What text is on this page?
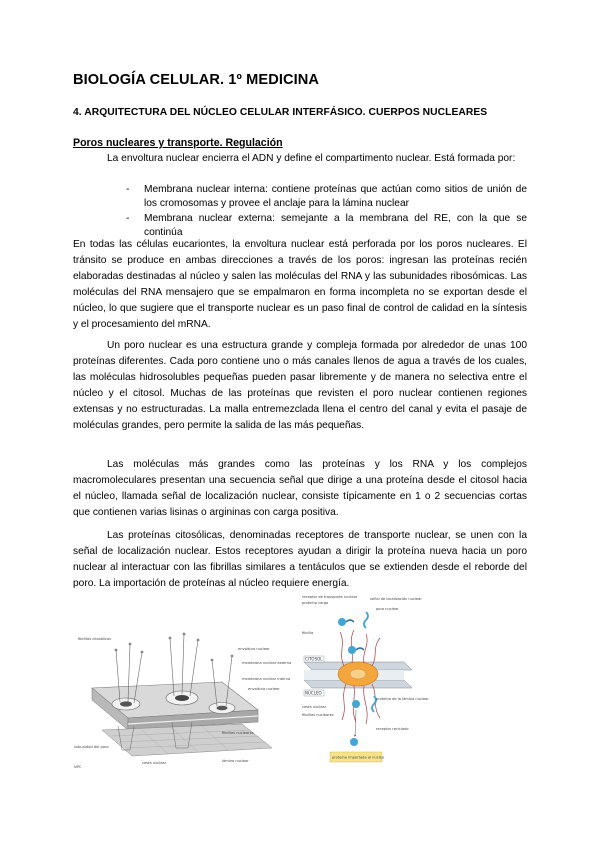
BIOLOGÍA CELULAR. 1º MEDICINA
4. ARQUITECTURA DEL NÚCLEO CELULAR INTERFÁSICO. CUERPOS NUCLEARES
Poros nucleares y transporte. Regulación

La envoltura nuclear encierra el ADN y define el compartimento nuclear. Está formada por:

- Membrana nuclear interna: contiene proteínas que actúan como sitios de unión de los cromosomas y provee el anclaje para la lámina nuclear
- Membrana nuclear externa: semejante a la membrana del RE, con la que se continúa

En todas las células eucariontes, la envoltura nuclear está perforada por los poros nucleares. El tránsito se produce en ambas direcciones a través de los poros: ingresan las proteínas recién elaboradas destinadas al núcleo y salen las moléculas del RNA y las subunidades ribosómicas. Las moléculas del RNA mensajero que se empalmaron en forma incompleta no se exportan desde el núcleo, lo que sugiere que el transporte nuclear es un paso final de control de calidad en la síntesis y el procesamiento del mRNA.

Un poro nuclear es una estructura grande y compleja formada por alrededor de unas 100 proteínas diferentes. Cada poro contiene uno o más canales llenos de agua a través de los cuales, las moléculas hidrosolubles pequeñas pueden pasar libremente y de manera no selectiva entre el núcleo y el citosol. Muchas de las proteínas que revisten el poro nuclear contienen regiones extensas y no estructuradas. La malla entremezclada llena el centro del canal y evita el pasaje de moléculas grandes, pero permite la salida de las más pequeñas.

Las moléculas más grandes como las proteínas y los RNA y los complejos macromoleculares presentan una secuencia señal que dirige a una proteína desde el citosol hacia el núcleo, llamada señal de localización nuclear, consiste típicamente en 1 o 2 secuencias cortas que contienen varias lisinas o argininas con carga positiva.

Las proteínas citosólicas, denominadas receptores de transporte nuclear, se unen con la señal de localización nuclear. Estos receptores ayudan a dirigir la proteína nueva hacia un poro nuclear al interactuar con las fibrillas similares a tentáculos que se extienden desde el reborde del poro. La importación de proteínas al núcleo requiere energía.

fibrillas citosólicas
envoltura nuclear
membrana nuclear externa
membrana nuclear interna
envoltura nuclear
subunidad del poro
cesta nuclear
fibrillas nucleares
lámina nuclear
NPC
CITOSOL
NÚCLEO
proteína importada al núcleo
receptor de transporte nuclear
proteína cargo
señal de localización nuclear
poro nuclear
fibrilla
cesta nuclear
fibrillas nucleares
proteína de la lámina nuclear
receptor reciclado
